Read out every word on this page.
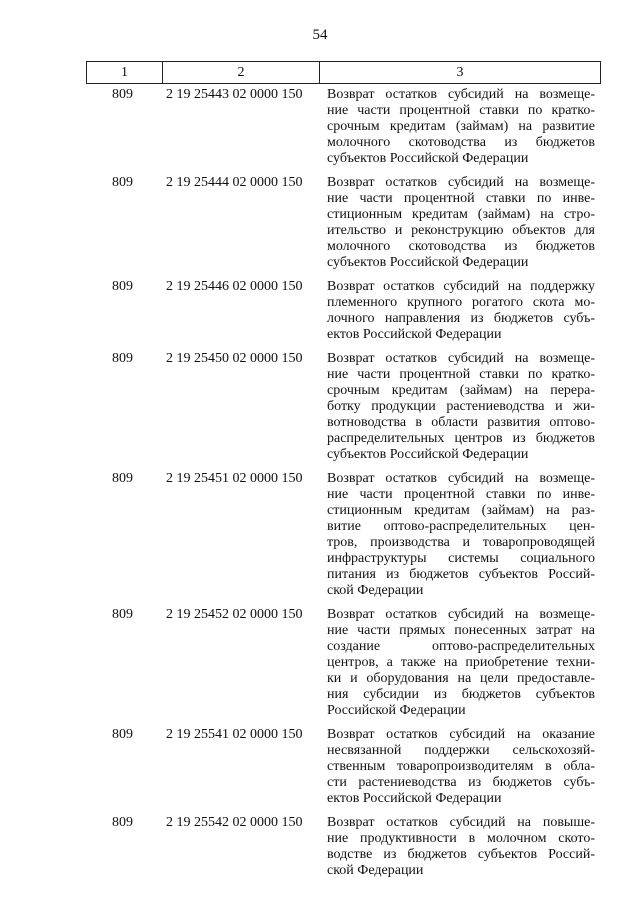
54
1	2	3
809 2 19 25443 02 0000 150 Возврат остатков субсидий на возмеще-
ние части процентной ставки по кратко-
срочным кредитам (займам) на развитие
молочного скотоводства из бюджетов
субъектов Российской Федерации
809 2 19 25444 02 0000 150 Возврат остатков субсидий на возмеще-
ние части процентной ставки по инве-
стиционным кредитам (займам) на стро-
ительство и реконструкцию объектов для
молочного скотоводства из бюджетов
субъектов Российской Федерации
809 2 19 25446 02 0000 150 Возврат остатков субсидий на поддержку
племенного крупного рогатого скота мо-
лочного направления из бюджетов субъ-
ектов Российской Федерации
809 2 19 25450 02 0000 150 Возврат остатков субсидий на возмеще-
ние части процентной ставки по кратко-
срочным кредитам (займам) на перера-
ботку продукции растениеводства и жи-
вотноводства в области развития оптово-
распределительных центров из бюджетов
субъектов Российской Федерации
809 2 19 25451 02 0000 150 Возврат остатков субсидий на возмеще-
ние части процентной ставки по инве-
стиционным кредитам (займам) на раз-
витие оптово-распределительных цен-
тров, производства и товаропроводящей
инфраструктуры системы социального
питания из бюджетов субъектов Россий-
ской Федерации
809 2 19 25452 02 0000 150 Возврат остатков субсидий на возмеще-
ние части прямых понесенных затрат на
создание оптово-распределительных
центров, а также на приобретение техни-
ки и оборудования на цели предоставле-
ния субсидии из бюджетов субъектов
Российской Федерации
809 2 19 25541 02 0000 150 Возврат остатков субсидий на оказание
несвязанной поддержки сельскохозяй-
ственным товаропроизводителям в обла-
сти растениеводства из бюджетов субъ-
ектов Российской Федерации
809 2 19 25542 02 0000 150 Возврат остатков субсидий на повыше-
ние продуктивности в молочном ското-
водстве из бюджетов субъектов Россий-
ской Федерации
